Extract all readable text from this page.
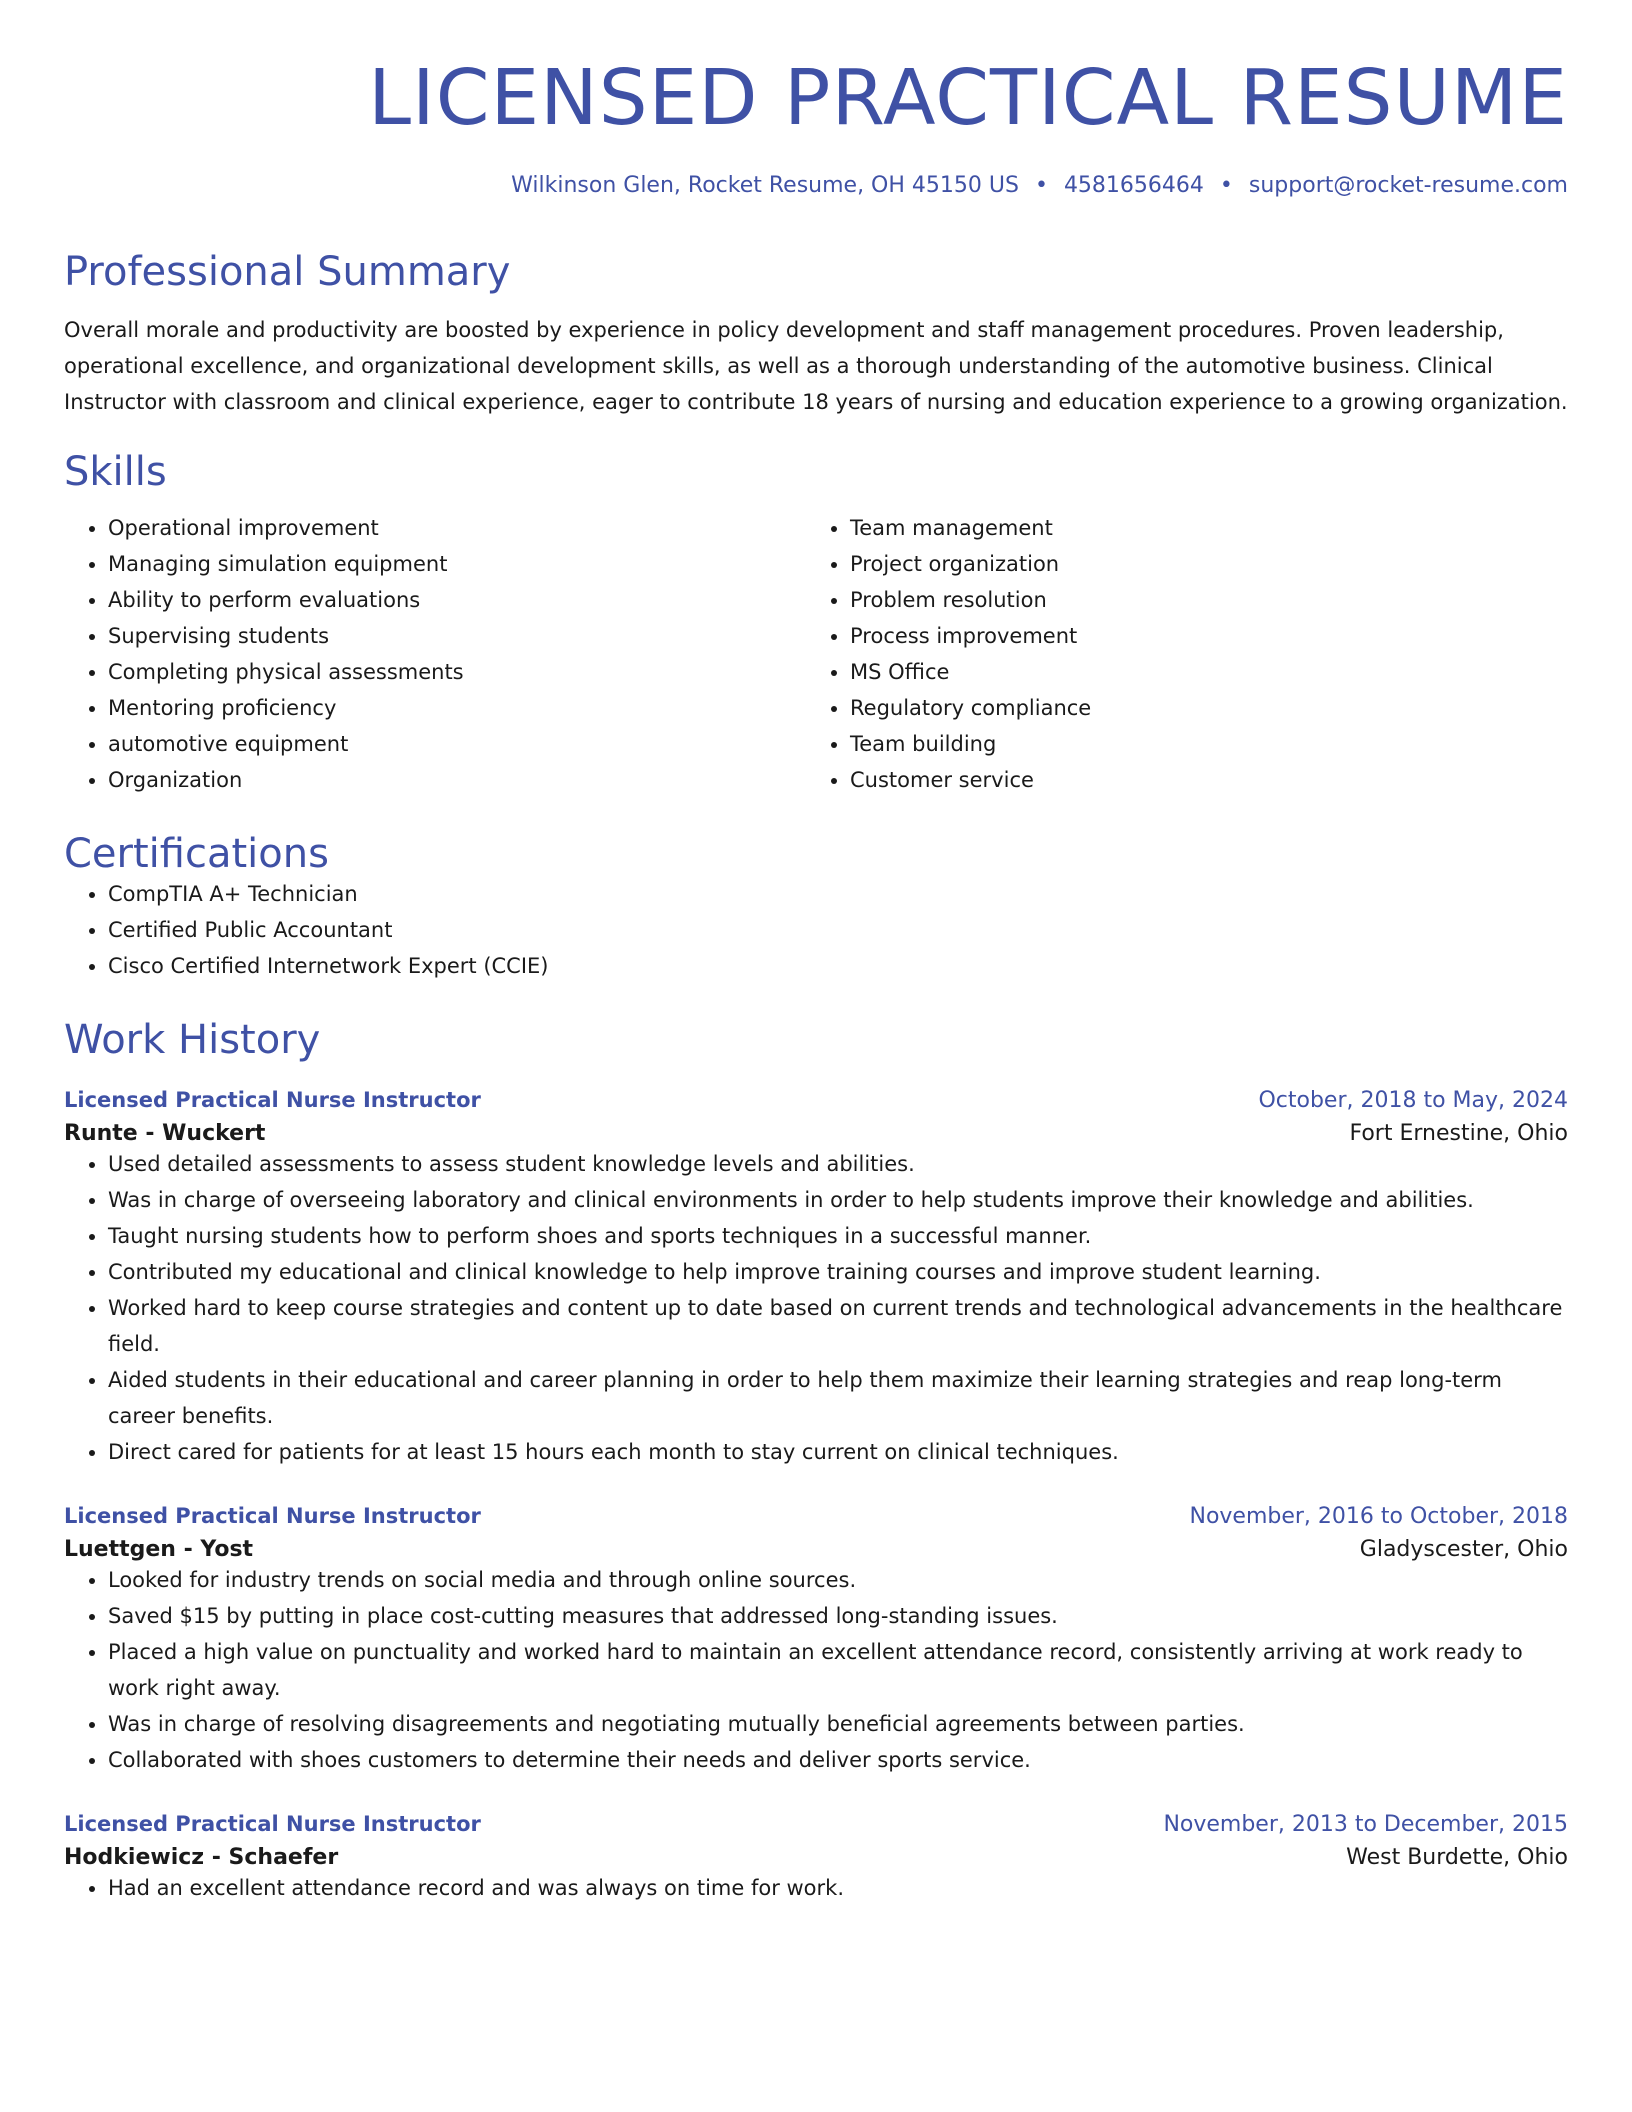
LICENSED PRACTICAL RESUME
Wilkinson Glen, Rocket Resume, OH 45150 US • 4581656464 • support@rocket-resume.com
Professional Summary

Overall morale and productivity are boosted by experience in policy development and staff management procedures. Proven leadership, operational excellence, and organizational development skills, as well as a thorough understanding of the automotive business. Clinical Instructor with classroom and clinical experience, eager to contribute 18 years of nursing and education experience to a growing organization.

Skills
• Operational improvement
• Managing simulation equipment
• Ability to perform evaluations
• Supervising students
• Completing physical assessments
• Mentoring proficiency
• automotive equipment
• Organization
• Team management
• Project organization
• Problem resolution
• Process improvement
• MS Office
• Regulatory compliance
• Team building
• Customer service
Certifications
• CompTIA A+ Technician
• Certified Public Accountant
• Cisco Certified Internetwork Expert (CCIE)
Work History
Licensed Practical Nurse Instructor	October, 2018 to May, 2024
Runte - Wuckert	Fort Ernestine, Ohio
• Used detailed assessments to assess student knowledge levels and abilities.
• Was in charge of overseeing laboratory and clinical environments in order to help students improve their knowledge and abilities.
• Taught nursing students how to perform shoes and sports techniques in a successful manner.
• Contributed my educational and clinical knowledge to help improve training courses and improve student learning.
• Worked hard to keep course strategies and content up to date based on current trends and technological advancements in the healthcare field.
• Aided students in their educational and career planning in order to help them maximize their learning strategies and reap long-term career benefits.
• Direct cared for patients for at least 15 hours each month to stay current on clinical techniques.
Licensed Practical Nurse Instructor	November, 2016 to October, 2018
Luettgen - Yost	Gladyscester, Ohio
• Looked for industry trends on social media and through online sources.
• Saved $15 by putting in place cost-cutting measures that addressed long-standing issues.
• Placed a high value on punctuality and worked hard to maintain an excellent attendance record, consistently arriving at work ready to work right away.
• Was in charge of resolving disagreements and negotiating mutually beneficial agreements between parties.
• Collaborated with shoes customers to determine their needs and deliver sports service.
Licensed Practical Nurse Instructor	November, 2013 to December, 2015
Hodkiewicz - Schaefer	West Burdette, Ohio
• Had an excellent attendance record and was always on time for work.
